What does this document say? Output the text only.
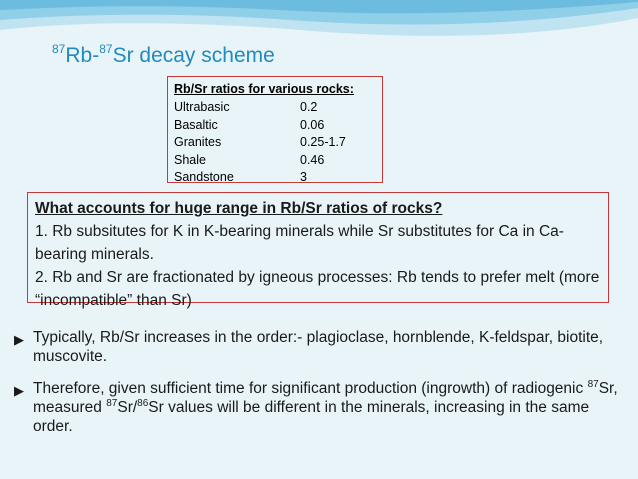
$^{87}$Rb-$^{87}$Sr decay scheme
Rb/Sr ratios for various rocks:
Ultrabasic	0.2
Basaltic	0.06
Granites	0.25-1.7
Shale	0.46
Sandstone	3
What accounts for huge range in Rb/Sr ratios of rocks?
1. Rb subsitutes for K in K-bearing minerals while Sr substitutes for Ca in Ca-bearing minerals.
2. Rb and Sr are fractionated by igneous processes: Rb tends to prefer melt (more “incompatible” than Sr)
▶ Typically, Rb/Sr increases in the order:- plagioclase, hornblende, K-feldspar, biotite, muscovite.
▶ Therefore, given sufficient time for significant production (ingrowth) of radiogenic $^{87}$Sr, measured $^{87}$Sr/$^{86}$Sr values will be different in the minerals, increasing in the same order.
